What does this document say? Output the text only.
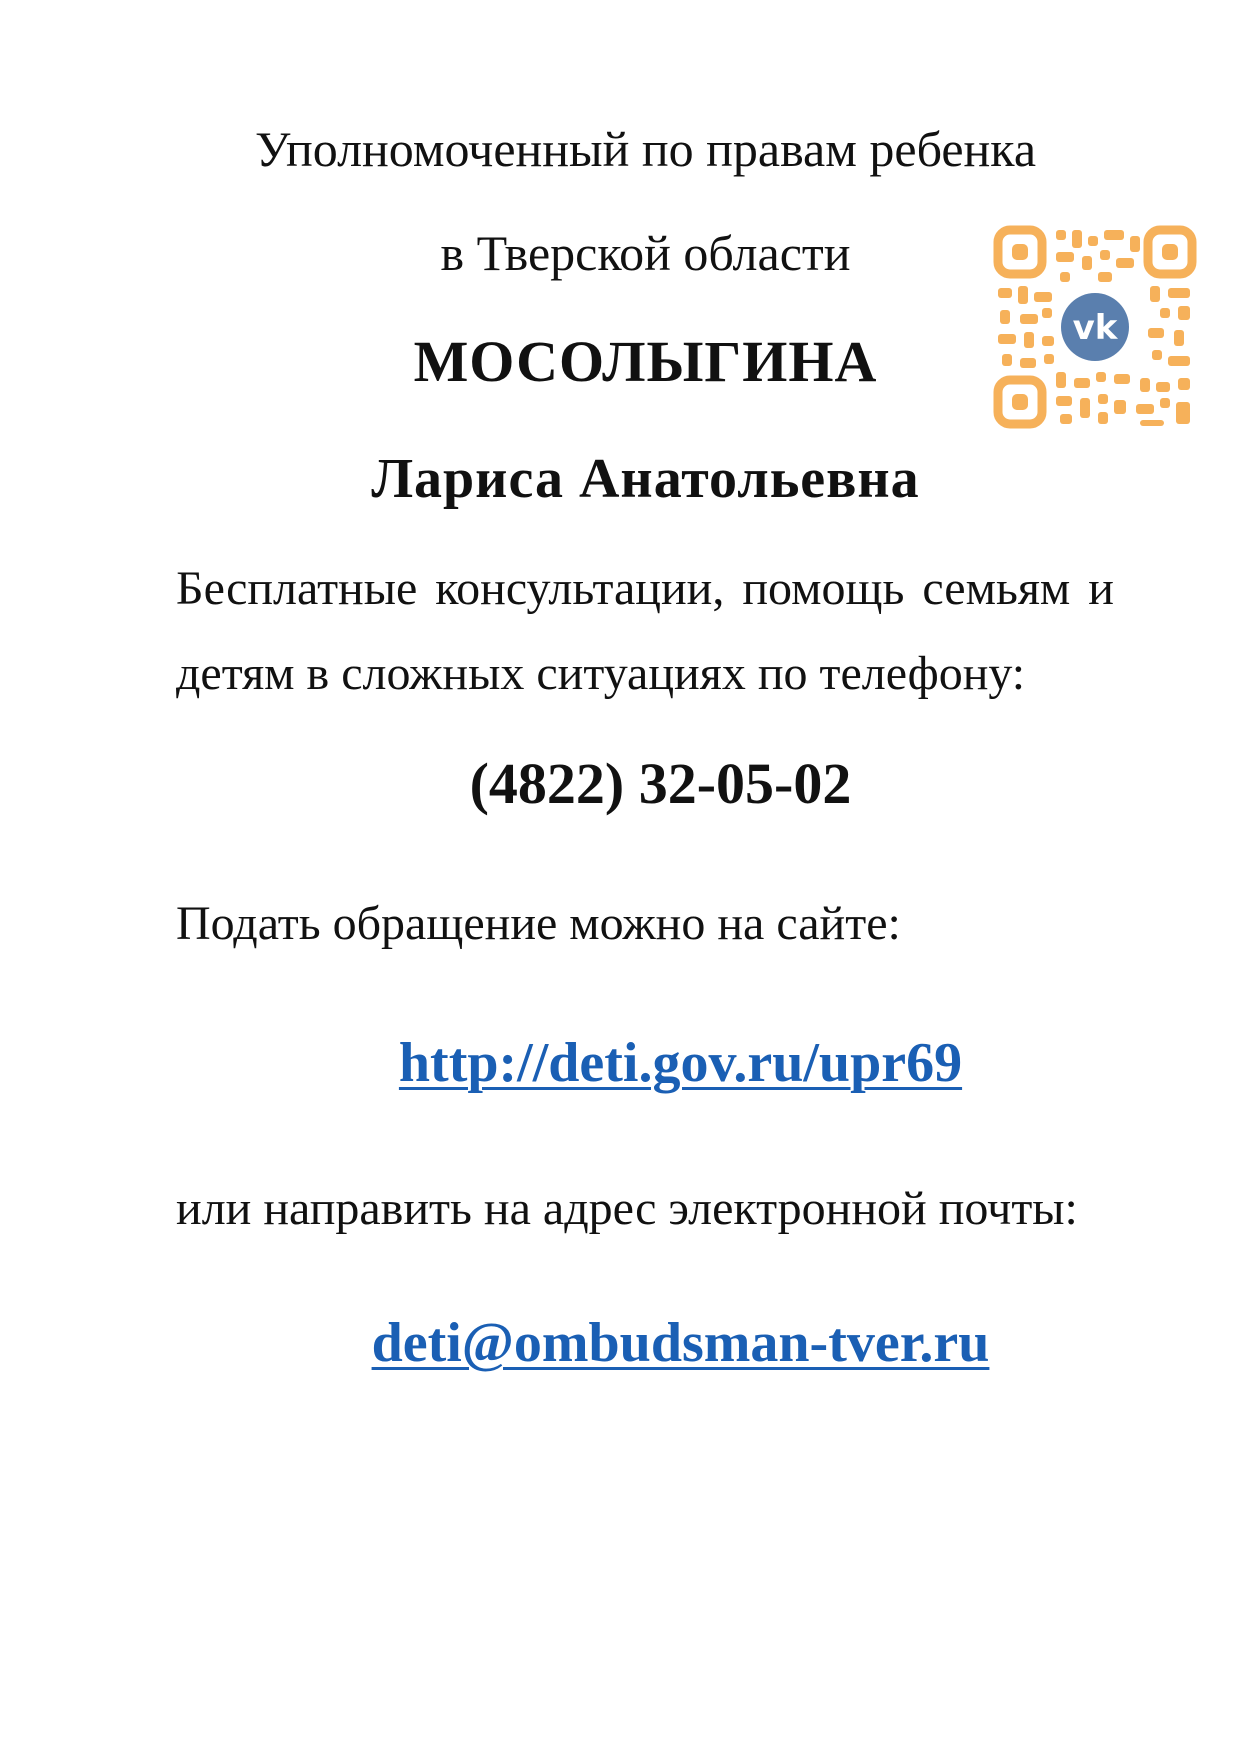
Уполномоченный по правам ребенка
в Тверской области
МОСОЛЫГИНА
Лариса Анатольевна
Бесплатные консультации, помощь семьям и
детям в сложных ситуациях по телефону:
(4822) 32-05-02
Подать обращение можно на сайте:
http://deti.gov.ru/upr69
или направить на адрес электронной почты:
deti@ombudsman-tver.ru
vk
